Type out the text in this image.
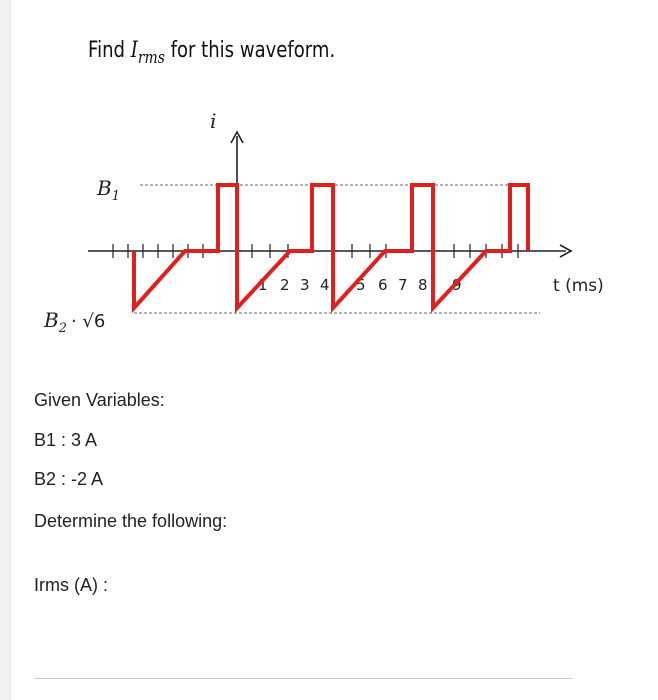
Find $I_{rms}$ for this waveform.
1 2 3 4 5 6 7 8 9
i
t (ms)
$B_1$
$B_2 \cdot √6$
Given Variables:
B1 : 3 A
B2 : -2 A
Determine the following:
Irms (A) :
